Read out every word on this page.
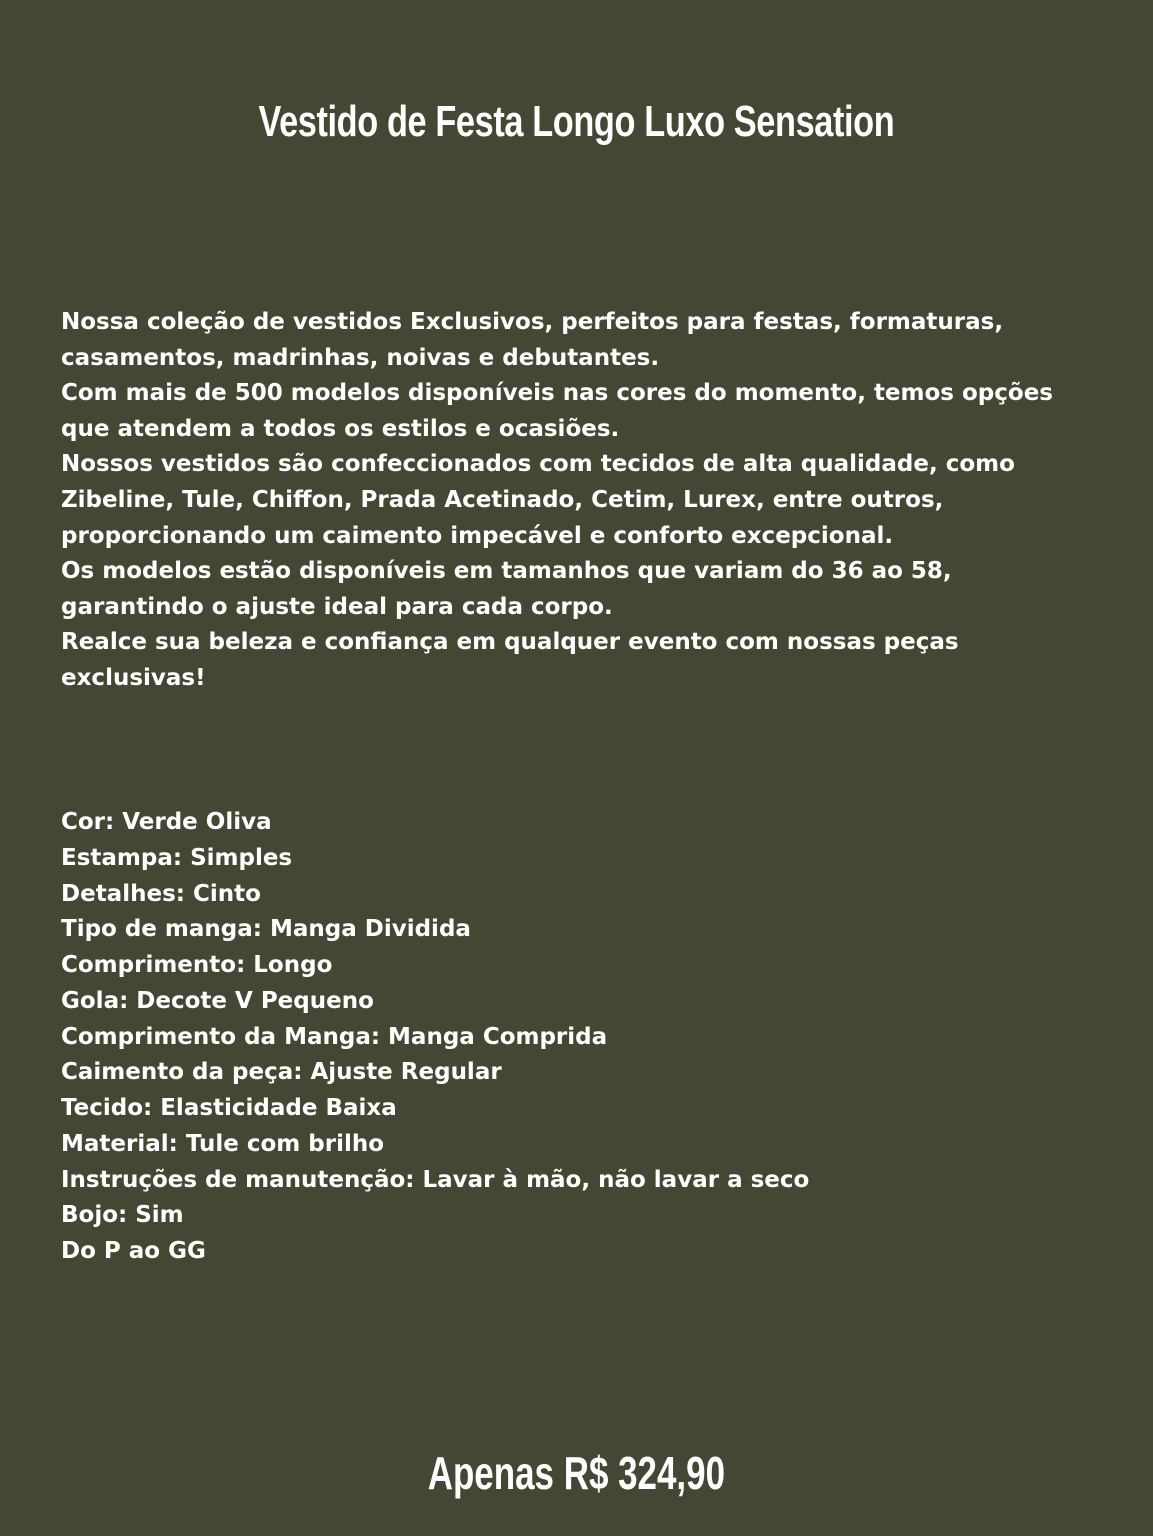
Vestido de Festa Longo Luxo Sensation

Nossa coleção de vestidos Exclusivos, perfeitos para festas, formaturas, casamentos, madrinhas, noivas e debutantes.

Com mais de 500 modelos disponíveis nas cores do momento, temos opções que atendem a todos os estilos e ocasiões.

Nossos vestidos são confeccionados com tecidos de alta qualidade, como Zibeline, Tule, Chiffon, Prada Acetinado, Cetim, Lurex, entre outros, proporcionando um caimento impecável e conforto excepcional.

Os modelos estão disponíveis em tamanhos que variam do 36 ao 58, garantindo o ajuste ideal para cada corpo.

Realce sua beleza e confiança em qualquer evento com nossas peças exclusivas!

Cor: Verde Oliva
Estampa: Simples
Detalhes: Cinto
Tipo de manga: Manga Dividida
Comprimento: Longo
Gola: Decote V Pequeno
Comprimento da Manga: Manga Comprida
Caimento da peça: Ajuste Regular
Tecido: Elasticidade Baixa
Material: Tule com brilho
Instruções de manutenção: Lavar à mão, não lavar a seco
Bojo: Sim
Do P ao GG
Apenas R$ 324,90
